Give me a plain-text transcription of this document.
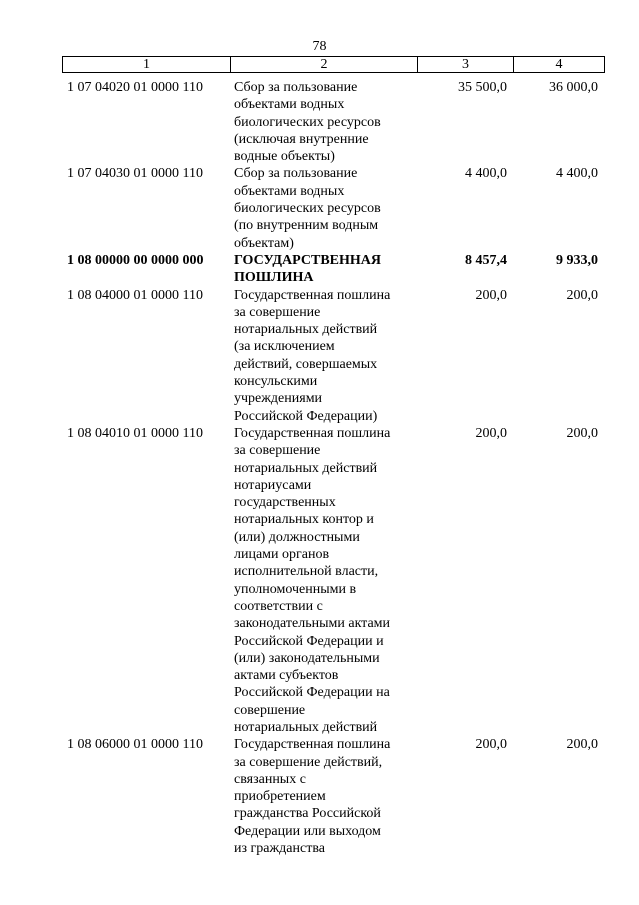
78
1	2	3	4
1 07 04020 01 0000 110	Сбор за пользование
объектами водных
биологических ресурсов
(исключая внутренние
водные объекты)
35 500,0	36 000,0
1 07 04030 01 0000 110	Сбор за пользование
объектами водных
биологических ресурсов
(по внутренним водным
объектам)
4 400,0	4 400,0
1 08 00000 00 0000 000	ГОСУДАРСТВЕННАЯ
ПОШЛИНА
8 457,4	9 933,0
1 08 04000 01 0000 110	Государственная пошлина
за совершение
нотариальных действий
(за исключением
действий, совершаемых
консульскими
учреждениями
Российской Федерации)
200,0	200,0
1 08 04010 01 0000 110	Государственная пошлина
за совершение
нотариальных действий
нотариусами
государственных
нотариальных контор и
(или) должностными
лицами органов
исполнительной власти,
уполномоченными в
соответствии с
законодательными актами
Российской Федерации и
(или) законодательными
актами субъектов
Российской Федерации на
совершение
нотариальных действий
200,0	200,0
1 08 06000 01 0000 110	Государственная пошлина
за совершение действий,
связанных с
приобретением
гражданства Российской
Федерации или выходом
из гражданства
200,0	200,0
